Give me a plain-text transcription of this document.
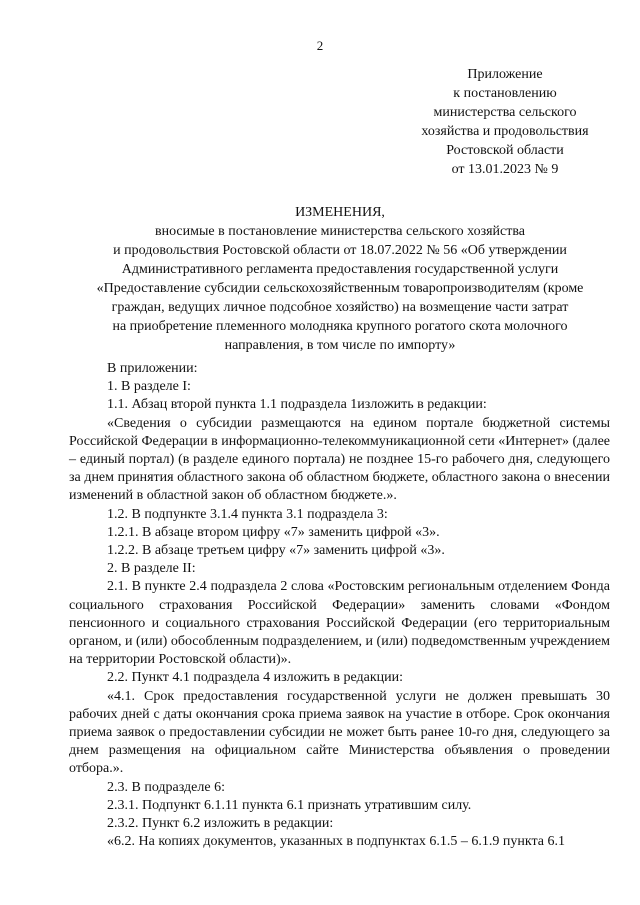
2
Приложение
к постановлению
министерства сельского
хозяйства и продовольствия
Ростовской области
от 13.01.2023 № 9
ИЗМЕНЕНИЯ,
вносимые в постановление министерства сельского хозяйства
и продовольствия Ростовской области от 18.07.2022 № 56 «Об утверждении
Административного регламента предоставления государственной услуги
«Предоставление субсидии сельскохозяйственным товаропроизводителям (кроме
граждан, ведущих личное подсобное хозяйство) на возмещение части затрат
на приобретение племенного молодняка крупного рогатого скота молочного
направления, в том числе по импорту»

В приложении:

1. В разделе I:

1.1. Абзац второй пункта 1.1 подраздела 1изложить в редакции:

«Сведения о субсидии размещаются на едином портале бюджетной системы Российской Федерации в информационно-телекоммуникационной сети «Интернет» (далее – единый портал) (в разделе единого портала) не позднее 15-го рабочего дня, следующего за днем принятия областного закона об областном бюджете, областного закона о внесении изменений в областной закон об областном бюджете.».

1.2. В подпункте 3.1.4 пункта 3.1 подраздела 3:

1.2.1. В абзаце втором цифру «7» заменить цифрой «3».

1.2.2. В абзаце третьем цифру «7» заменить цифрой «3».

2. В разделе II:

2.1. В пункте 2.4 подраздела 2 слова «Ростовским региональным отделением Фонда социального страхования Российской Федерации» заменить словами «Фондом пенсионного и социального страхования Российской Федерации (его территориальным органом, и (или) обособленным подразделением, и (или) подведомственным учреждением на территории Ростовской области)».

2.2. Пункт 4.1 подраздела 4 изложить в редакции:

«4.1. Срок предоставления государственной услуги не должен превышать 30 рабочих дней с даты окончания срока приема заявок на участие в отборе. Срок окончания приема заявок о предоставлении субсидии не может быть ранее 10-го дня, следующего за днем размещения на официальном сайте Министерства объявления о проведении отбора.».

2.3. В подразделе 6:

2.3.1. Подпункт 6.1.11 пункта 6.1 признать утратившим силу.

2.3.2. Пункт 6.2 изложить в редакции:

«6.2. На копиях документов, указанных в подпунктах 6.1.5 – 6.1.9 пункта 6.1
